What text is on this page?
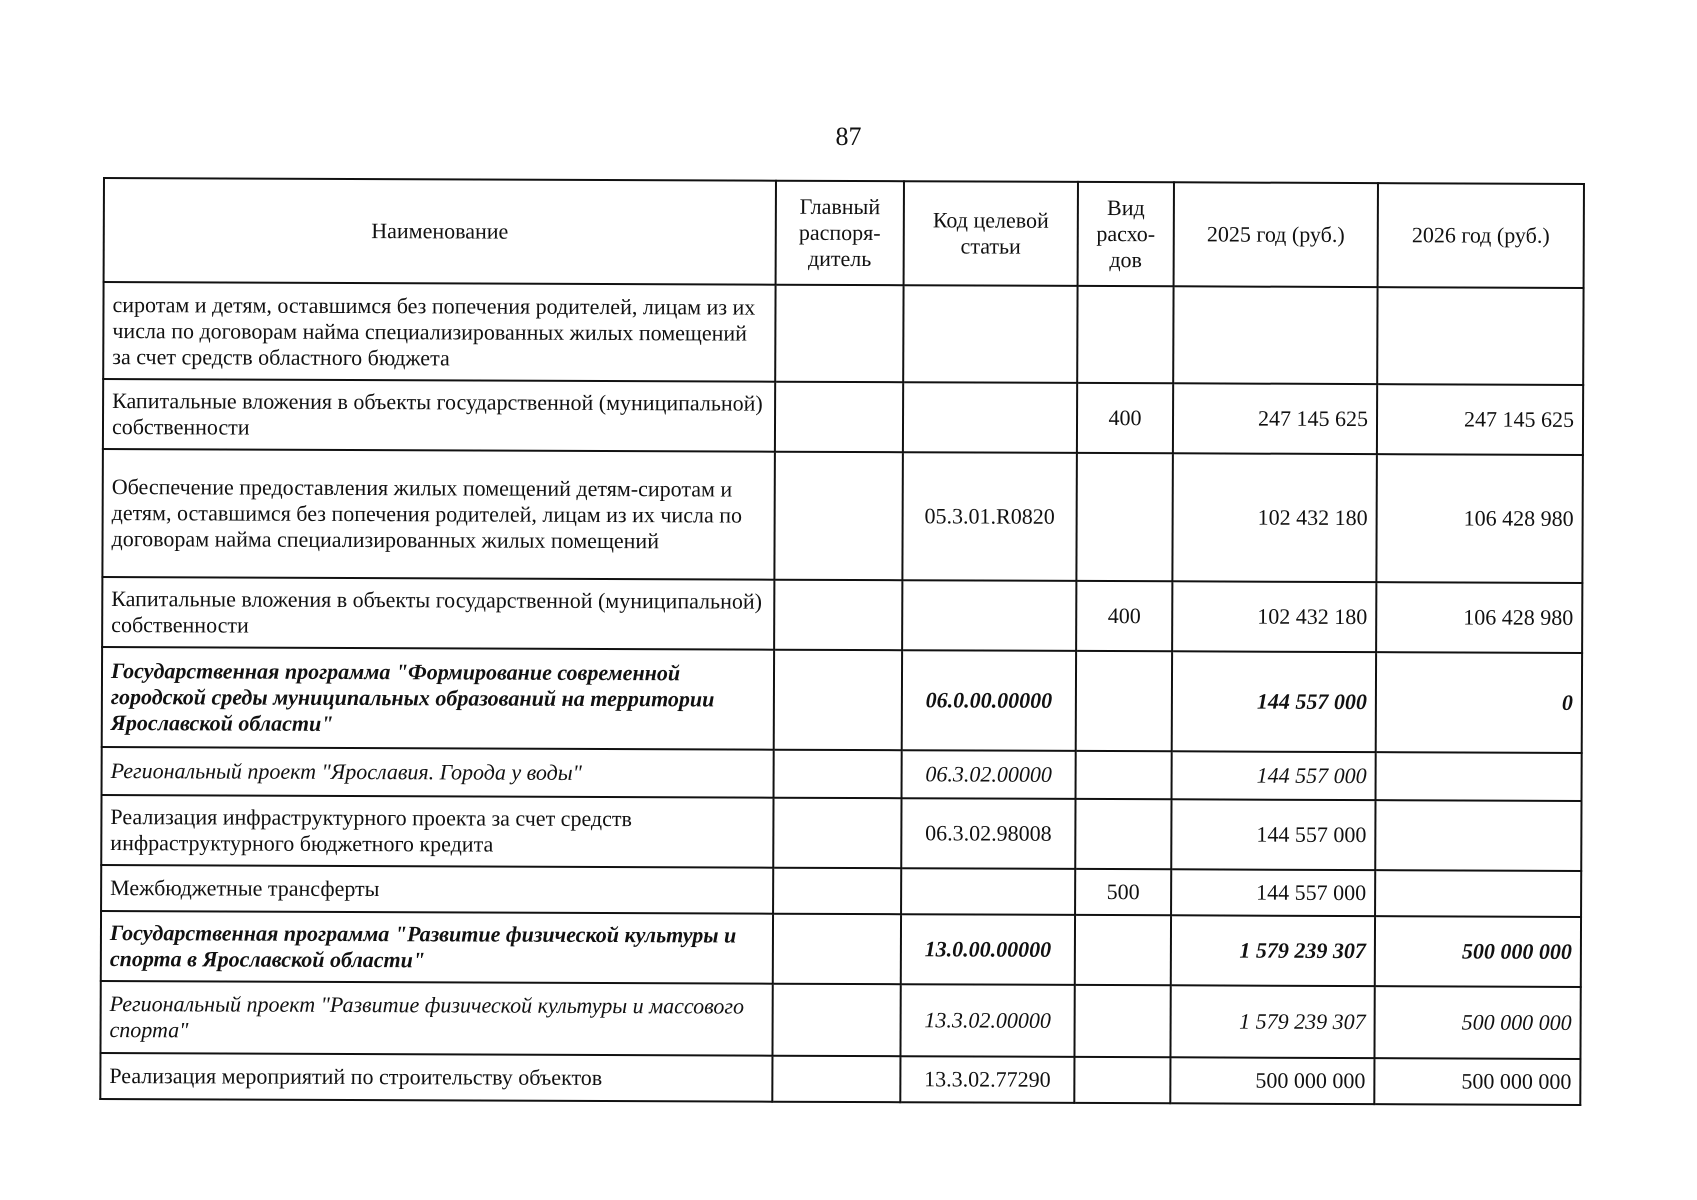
87
Наименование	Главный распоря-дитель	Код целевой статьи	Вид расхо-дов	2025 год (руб.)	2026 год (руб.)
сиротам и детям, оставшимся без попечения родителей, лицам из их числа по договорам найма специализированных жилых помещений за счет средств областного бюджета					
Капитальные вложения в объекты государственной (муниципальной) собственности			400	247 145 625	247 145 625
Обеспечение предоставления жилых помещений детям-сиротам и детям, оставшимся без попечения родителей, лицам из их числа по договорам найма специализированных жилых помещений		05.3.01.R0820		102 432 180	106 428 980
Капитальные вложения в объекты государственной (муниципальной) собственности			400	102 432 180	106 428 980
Государственная программа "Формирование современной городской среды муниципальных образований на территории Ярославской области"		06.0.00.00000		144 557 000	0
Региональный проект "Ярославия. Города у воды"		06.3.02.00000		144 557 000	
Реализация инфраструктурного проекта за счет средств инфраструктурного бюджетного кредита		06.3.02.98008		144 557 000	
Межбюджетные трансферты			500	144 557 000	
Государственная программа "Развитие физической культуры и спорта в Ярославской области"		13.0.00.00000		1 579 239 307	500 000 000
Региональный проект "Развитие физической культуры и массового спорта"		13.3.02.00000		1 579 239 307	500 000 000
Реализация мероприятий по строительству объектов		13.3.02.77290		500 000 000	500 000 000
